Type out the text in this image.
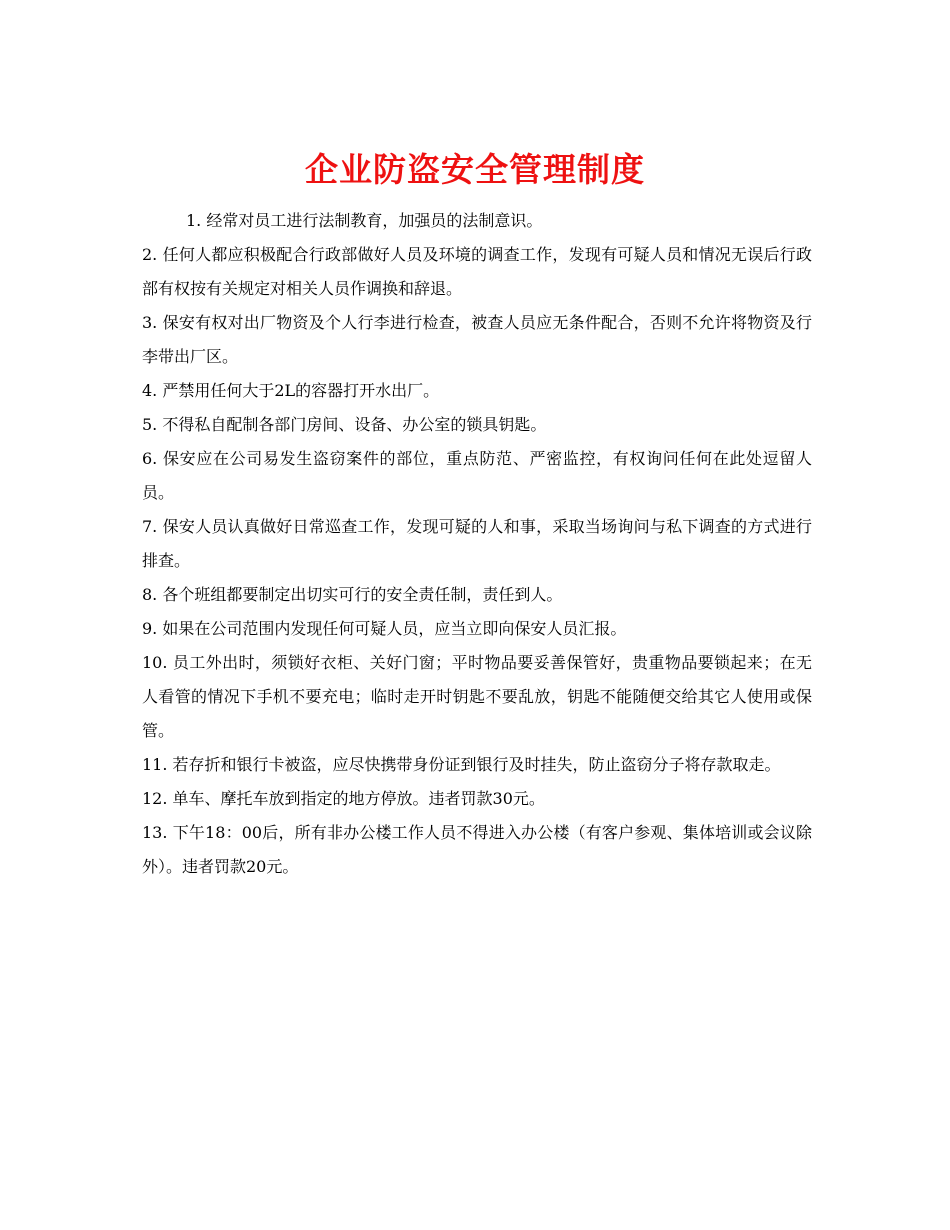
企业防盗安全管理制度

1. 经常对员工进行法制教育，加强员的法制意识。

2. 任何人都应积极配合行政部做好人员及环境的调查工作，发现有可疑人员和情况无误后行政部有权按有关规定对相关人员作调换和辞退。

3. 保安有权对出厂物资及个人行李进行检查，被查人员应无条件配合，否则不允许将物资及行李带出厂区。

4. 严禁用任何大于2L的容器打开水出厂。

5. 不得私自配制各部门房间、设备、办公室的锁具钥匙。

6. 保安应在公司易发生盗窃案件的部位，重点防范、严密监控，有权询问任何在此处逗留人员。

7. 保安人员认真做好日常巡查工作，发现可疑的人和事，采取当场询问与私下调查的方式进行排查。

8. 各个班组都要制定出切实可行的安全责任制，责任到人。

9. 如果在公司范围内发现任何可疑人员，应当立即向保安人员汇报。

10. 员工外出时，须锁好衣柜、关好门窗；平时物品要妥善保管好，贵重物品要锁起来；在无人看管的情况下手机不要充电；临时走开时钥匙不要乱放，钥匙不能随便交给其它人使用或保管。

11. 若存折和银行卡被盗，应尽快携带身份证到银行及时挂失，防止盗窃分子将存款取走。

12. 单车、摩托车放到指定的地方停放。违者罚款30元。

13. 下午18：00后，所有非办公楼工作人员不得进入办公楼（有客户参观、集体培训或会议除外）。违者罚款20元。
